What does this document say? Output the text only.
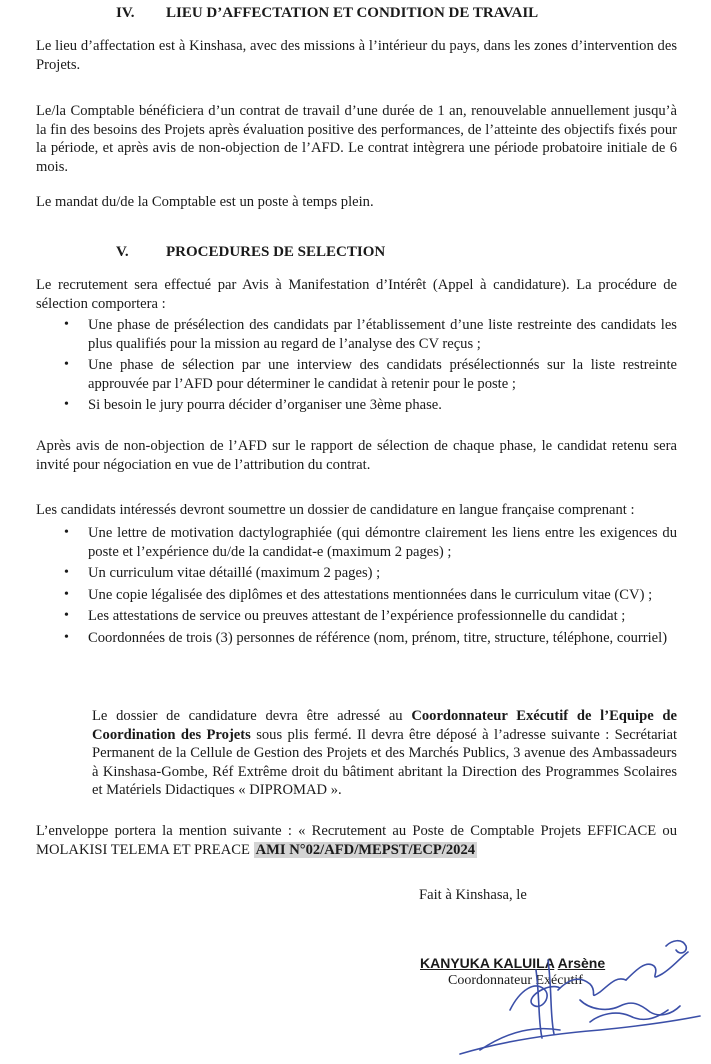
IV. LIEU D’AFFECTATION ET CONDITION DE TRAVAIL
Le lieu d’affectation est à Kinshasa, avec des missions à l’intérieur du pays, dans les zones d’intervention des Projets.
Le/la Comptable bénéficiera d’un contrat de travail d’une durée de 1 an, renouvelable annuellement jusqu’à la fin des besoins des Projets après évaluation positive des performances, de l’atteinte des objectifs fixés pour la période, et après avis de non-objection de l’AFD. Le contrat intègrera une période probatoire initiale de 6 mois.
Le mandat du/de la Comptable est un poste à temps plein.
V. PROCEDURES DE SELECTION
Le recrutement sera effectué par Avis à Manifestation d’Intérêt (Appel à candidature). La procédure de sélection comportera :
• Une phase de présélection des candidats par l’établissement d’une liste restreinte des candidats les plus qualifiés pour la mission au regard de l’analyse des CV reçus ;
• Une phase de sélection par une interview des candidats présélectionnés sur la liste restreinte approuvée par l’AFD pour déterminer le candidat à retenir pour le poste ;
• Si besoin le jury pourra décider d’organiser une 3ème phase.
Après avis de non-objection de l’AFD sur le rapport de sélection de chaque phase, le candidat retenu sera invité pour négociation en vue de l’attribution du contrat.
Les candidats intéressés devront soumettre un dossier de candidature en langue française comprenant :
• Une lettre de motivation dactylographiée (qui démontre clairement les liens entre les exigences du poste et l’expérience du/de la candidat-e (maximum 2 pages) ;
• Un curriculum vitae détaillé (maximum 2 pages) ;
• Une copie légalisée des diplômes et des attestations mentionnées dans le curriculum vitae (CV) ;
• Les attestations de service ou preuves attestant de l’expérience professionnelle du candidat ;
• Coordonnées de trois (3) personnes de référence (nom, prénom, titre, structure, téléphone, courriel)
Le dossier de candidature devra être adressé au Coordonnateur Exécutif de l’Equipe de Coordination des Projets sous plis fermé. Il devra être déposé à l’adresse suivante : Secrétariat Permanent de la Cellule de Gestion des Projets et des Marchés Publics, 3 avenue des Ambassadeurs à Kinshasa-Gombe, Réf Extrême droit du bâtiment abritant la Direction des Programmes Scolaires et Matériels Didactiques « DIPROMAD ».
L’enveloppe portera la mention suivante : « Recrutement au Poste de Comptable Projets EFFICACE ou MOLAKISI TELEMA ET PREACE AMI N°02/AFD/MEPST/ECP/2024
Fait à Kinshasa, le
KANYUKA KALUILA Arsène
Coordonnateur Exécutif
